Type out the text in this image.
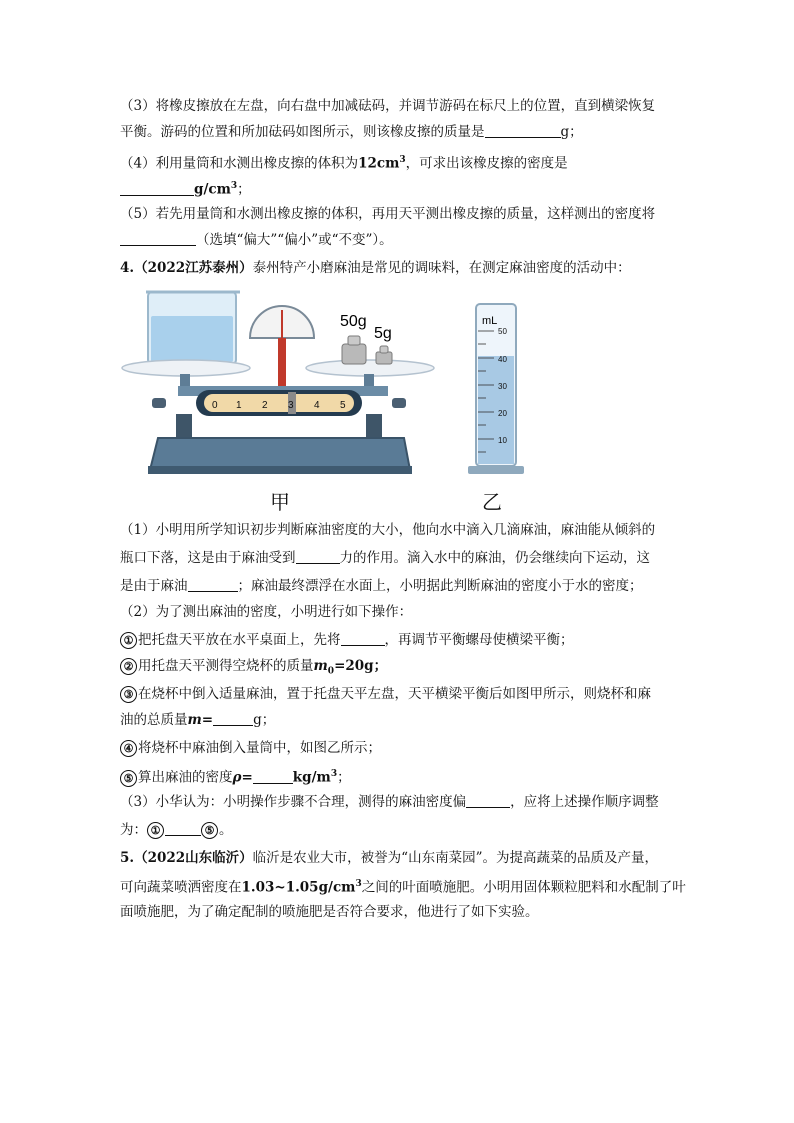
（3）将橡皮擦放在左盘，向右盘中加减砝码，并调节游码在标尺上的位置，直到横梁恢复
平衡。游码的位置和所加砝码如图所示，则该橡皮擦的质量是	g；
（4）利用量筒和水测出橡皮擦的体积为$12cm^3$，可求出该橡皮擦的密度是
$g/cm^3$；
（5）若先用量筒和水测出橡皮擦的体积，再用天平测出橡皮擦的质量，这样测出的密度将
（选填“偏大”“偏小”或“不变”）。
4.（2022江苏泰州）泰州特产小磨麻油是常见的调味料，在测定麻油密度的活动中：
50g
5g
0 1 2 3 4 5
mL
50
40
30
20
10
甲	乙
（1）小明用所学知识初步判断麻油密度的大小，他向水中滴入几滴麻油，麻油能从倾斜的
瓶口下落，这是由于麻油受到	力的作用。滴入水中的麻油，仍会继续向下运动，这
是由于麻油	；麻油最终漂浮在水面上，小明据此判断麻油的密度小于水的密度；
（2）为了测出麻油的密度，小明进行如下操作：
① 把托盘天平放在水平桌面上，先将	，再调节平衡螺母使横梁平衡；
② 用托盘天平测得空烧杯的质量$m_0=20g$；
③ 在烧杯中倒入适量麻油，置于托盘天平左盘，天平横梁平衡后如图甲所示，则烧杯和麻
油的总质量m=	g；
④ 将烧杯中麻油倒入量筒中，如图乙所示；
⑤ 算出麻油的密度ρ=	$kg/m^3$；
（3）小华认为：小明操作步骤不合理，测得的麻油密度偏	，应将上述操作顺序调整
为： ①	⑤ 。
5.（2022山东临沂）临沂是农业大市，被誉为“山东南菜园”。为提高蔬菜的品质及产量，
可向蔬菜喷洒密度在$1.03\sim 1.05g/cm^3$之间的叶面喷施肥。小明用固体颗粒肥料和水配制了叶
面喷施肥，为了确定配制的喷施肥是否符合要求，他进行了如下实验。
